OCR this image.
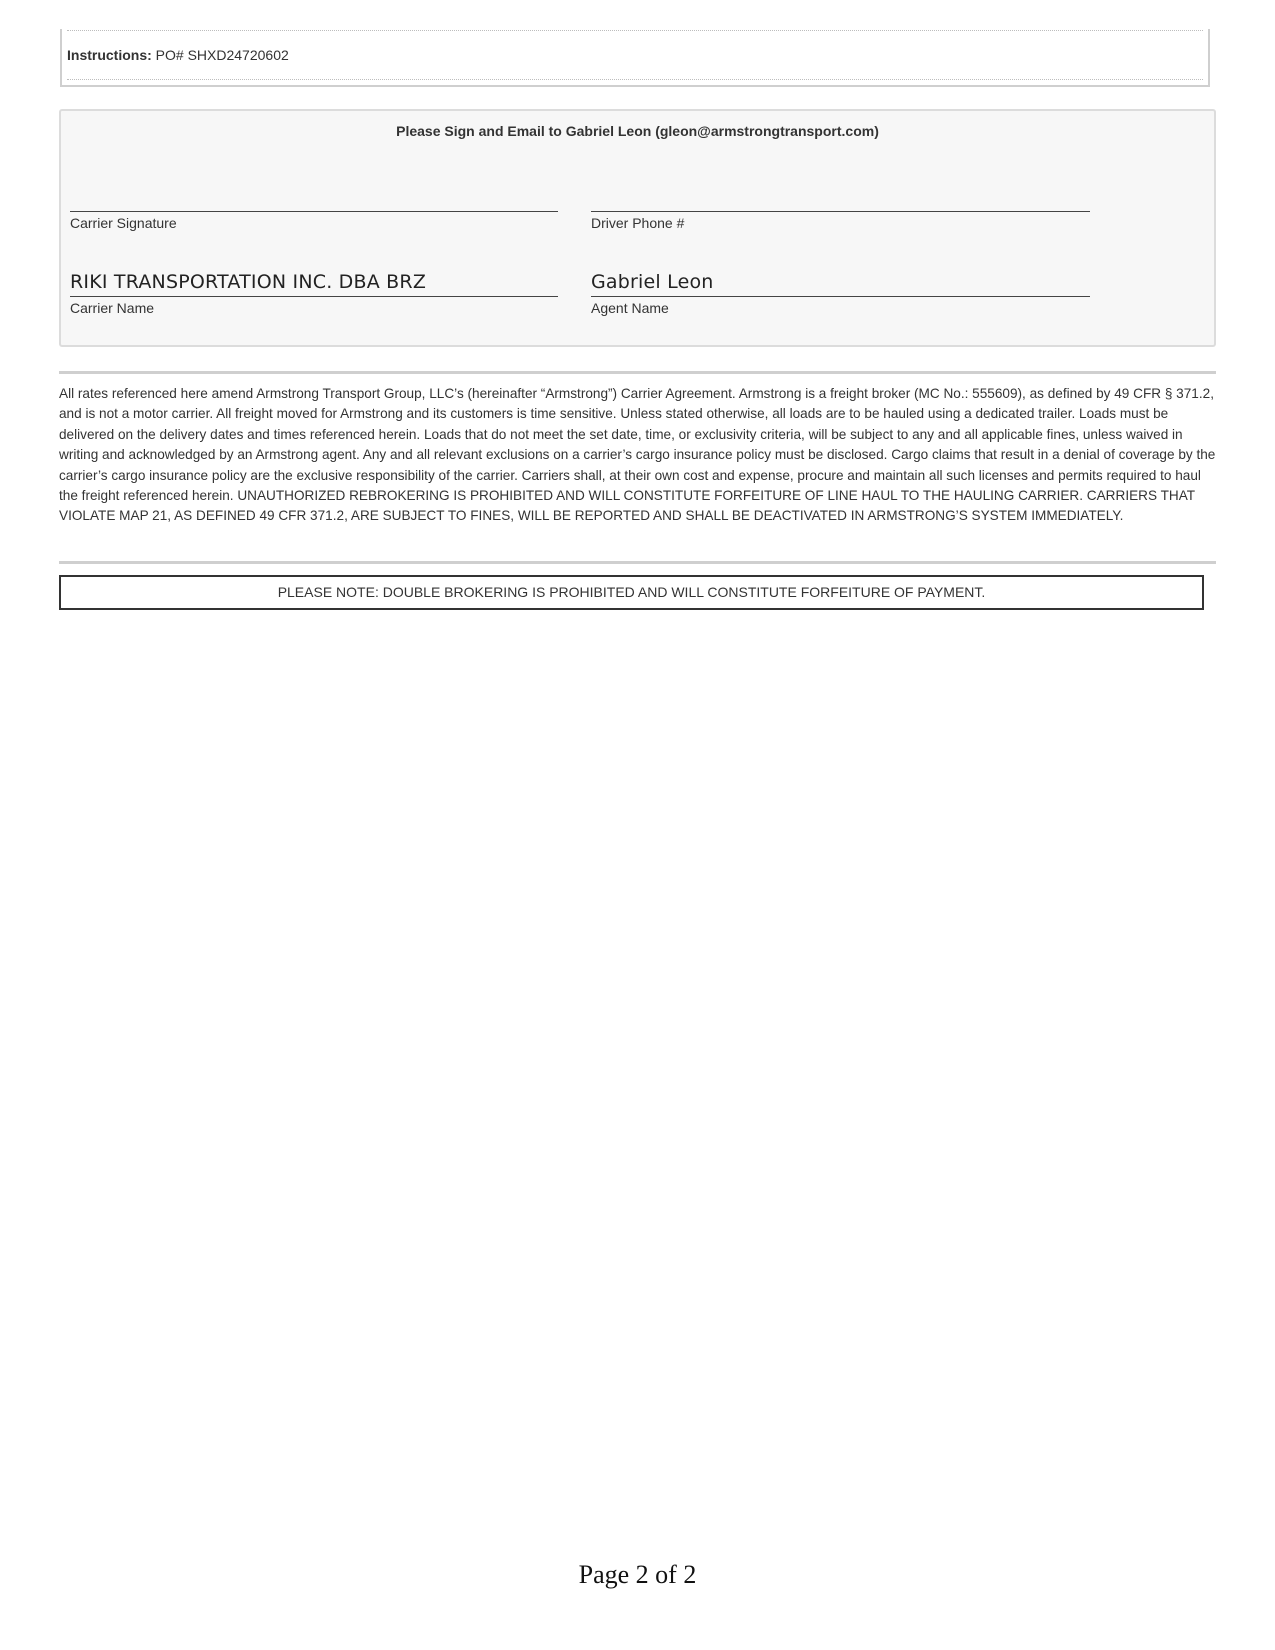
Instructions: PO# SHXD24720602
Please Sign and Email to Gabriel Leon (gleon@armstrongtransport.com)
Carrier Signature	Driver Phone #
RIKI TRANSPORTATION INC. DBA BRZ
Carrier Name
Gabriel Leon
Agent Name
All rates referenced here amend Armstrong Transport Group, LLC’s (hereinafter “Armstrong”) Carrier Agreement. Armstrong is a freight broker (MC No.: 555609), as defined by 49 CFR § 371.2, and is not a motor carrier. All freight moved for Armstrong and its customers is time sensitive. Unless stated otherwise, all loads are to be hauled using a dedicated trailer. Loads must be delivered on the delivery dates and times referenced herein. Loads that do not meet the set date, time, or exclusivity criteria, will be subject to any and all applicable fines, unless waived in writing and acknowledged by an Armstrong agent. Any and all relevant exclusions on a carrier’s cargo insurance policy must be disclosed. Cargo claims that result in a denial of coverage by the carrier’s cargo insurance policy are the exclusive responsibility of the carrier. Carriers shall, at their own cost and expense, procure and maintain all such licenses and permits required to haul the freight referenced herein. UNAUTHORIZED REBROKERING IS PROHIBITED AND WILL CONSTITUTE FORFEITURE OF LINE HAUL TO THE HAULING CARRIER. CARRIERS THAT VIOLATE MAP 21, AS DEFINED 49 CFR 371.2, ARE SUBJECT TO FINES, WILL BE REPORTED AND SHALL BE DEACTIVATED IN ARMSTRONG’S SYSTEM IMMEDIATELY.
PLEASE NOTE: DOUBLE BROKERING IS PROHIBITED AND WILL CONSTITUTE FORFEITURE OF PAYMENT.
Page 2 of 2
